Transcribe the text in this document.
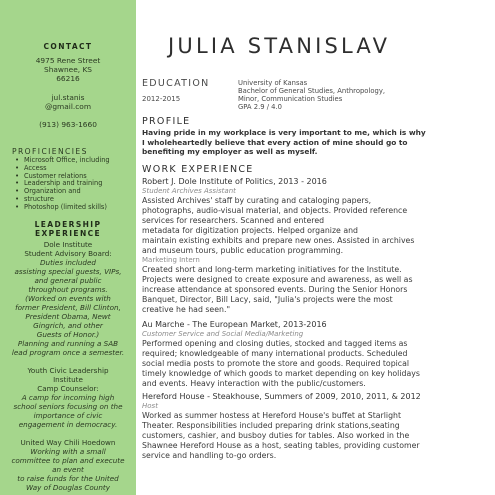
CONTACT
4975 Rene Street
Shawnee, KS
66216
jul.stanis
@gmail.com
(913) 963-1660
PROFICIENCIES
• Microsoft Office, including
• Access
• Customer relations
• Leadership and training
• Organization and
• structure
• Photoshop (limited skills)
LEADERSHIP
EXPERIENCE
Dole Institute
Student Advisory Board:
Duties included
assisting special guests, VIPs,
and general public
throughout programs.
(Worked on events with
former President, Bill Clinton,
President Obama, Newt
Gingrich, and other
Guests of Honor.)
Planning and running a SAB
lead program once a semester.
Youth Civic Leadership
Institute
Camp Counselor:
A camp for incoming high
school seniors focusing on the
importance of civic
engagement in democracy.
United Way Chili Hoedown
Working with a small
committee to plan and execute
an event
to raise funds for the United
Way of Douglas County
JULIA STANISLAV
EDUCATION
2012-2015
University of Kansas
Bachelor of General Studies, Anthropology,
Minor, Communication Studies
GPA 2.9 / 4.0
PROFILE
Having pride in my workplace is very important to me, which is why
I wholeheartedly believe that every action of mine should go to
benefiting my employer as well as myself.
WORK EXPERIENCE
Robert J. Dole Institute of Politics, 2013 - 2016
Student Archives Assistant
Assisted Archives' staff by curating and cataloging papers,
photographs, audio-visual material, and objects. Provided reference
services for researchers. Scanned and entered
metadata for digitization projects. Helped organize and
maintain existing exhibits and prepare new ones. Assisted in archives
and museum tours, public education programming.
Marketing Intern
Created short and long-term marketing initiatives for the Institute.
Projects were designed to create exposure and awareness, as well as
increase attendance at sponsored events. During the Senior Honors
Banquet, Director, Bill Lacy, said, "Julia's projects were the most
creative he had seen."
Au Marche - The European Market, 2013-2016
Customer Service and Social Media/Marketing
Performed opening and closing duties, stocked and tagged items as
required; knowledgeable of many international products. Scheduled
social media posts to promote the store and goods. Required topical
timely knowledge of which goods to market depending on key holidays
and events. Heavy interaction with the public/customers.
Hereford House - Steakhouse, Summers of 2009, 2010, 2011, & 2012
Host
Worked as summer hostess at Hereford House's buffet at Starlight
Theater. Responsibilities included preparing drink stations,seating
customers, cashier, and busboy duties for tables. Also worked in the
Shawnee Hereford House as a host, seating tables, providing customer
service and handling to-go orders.
